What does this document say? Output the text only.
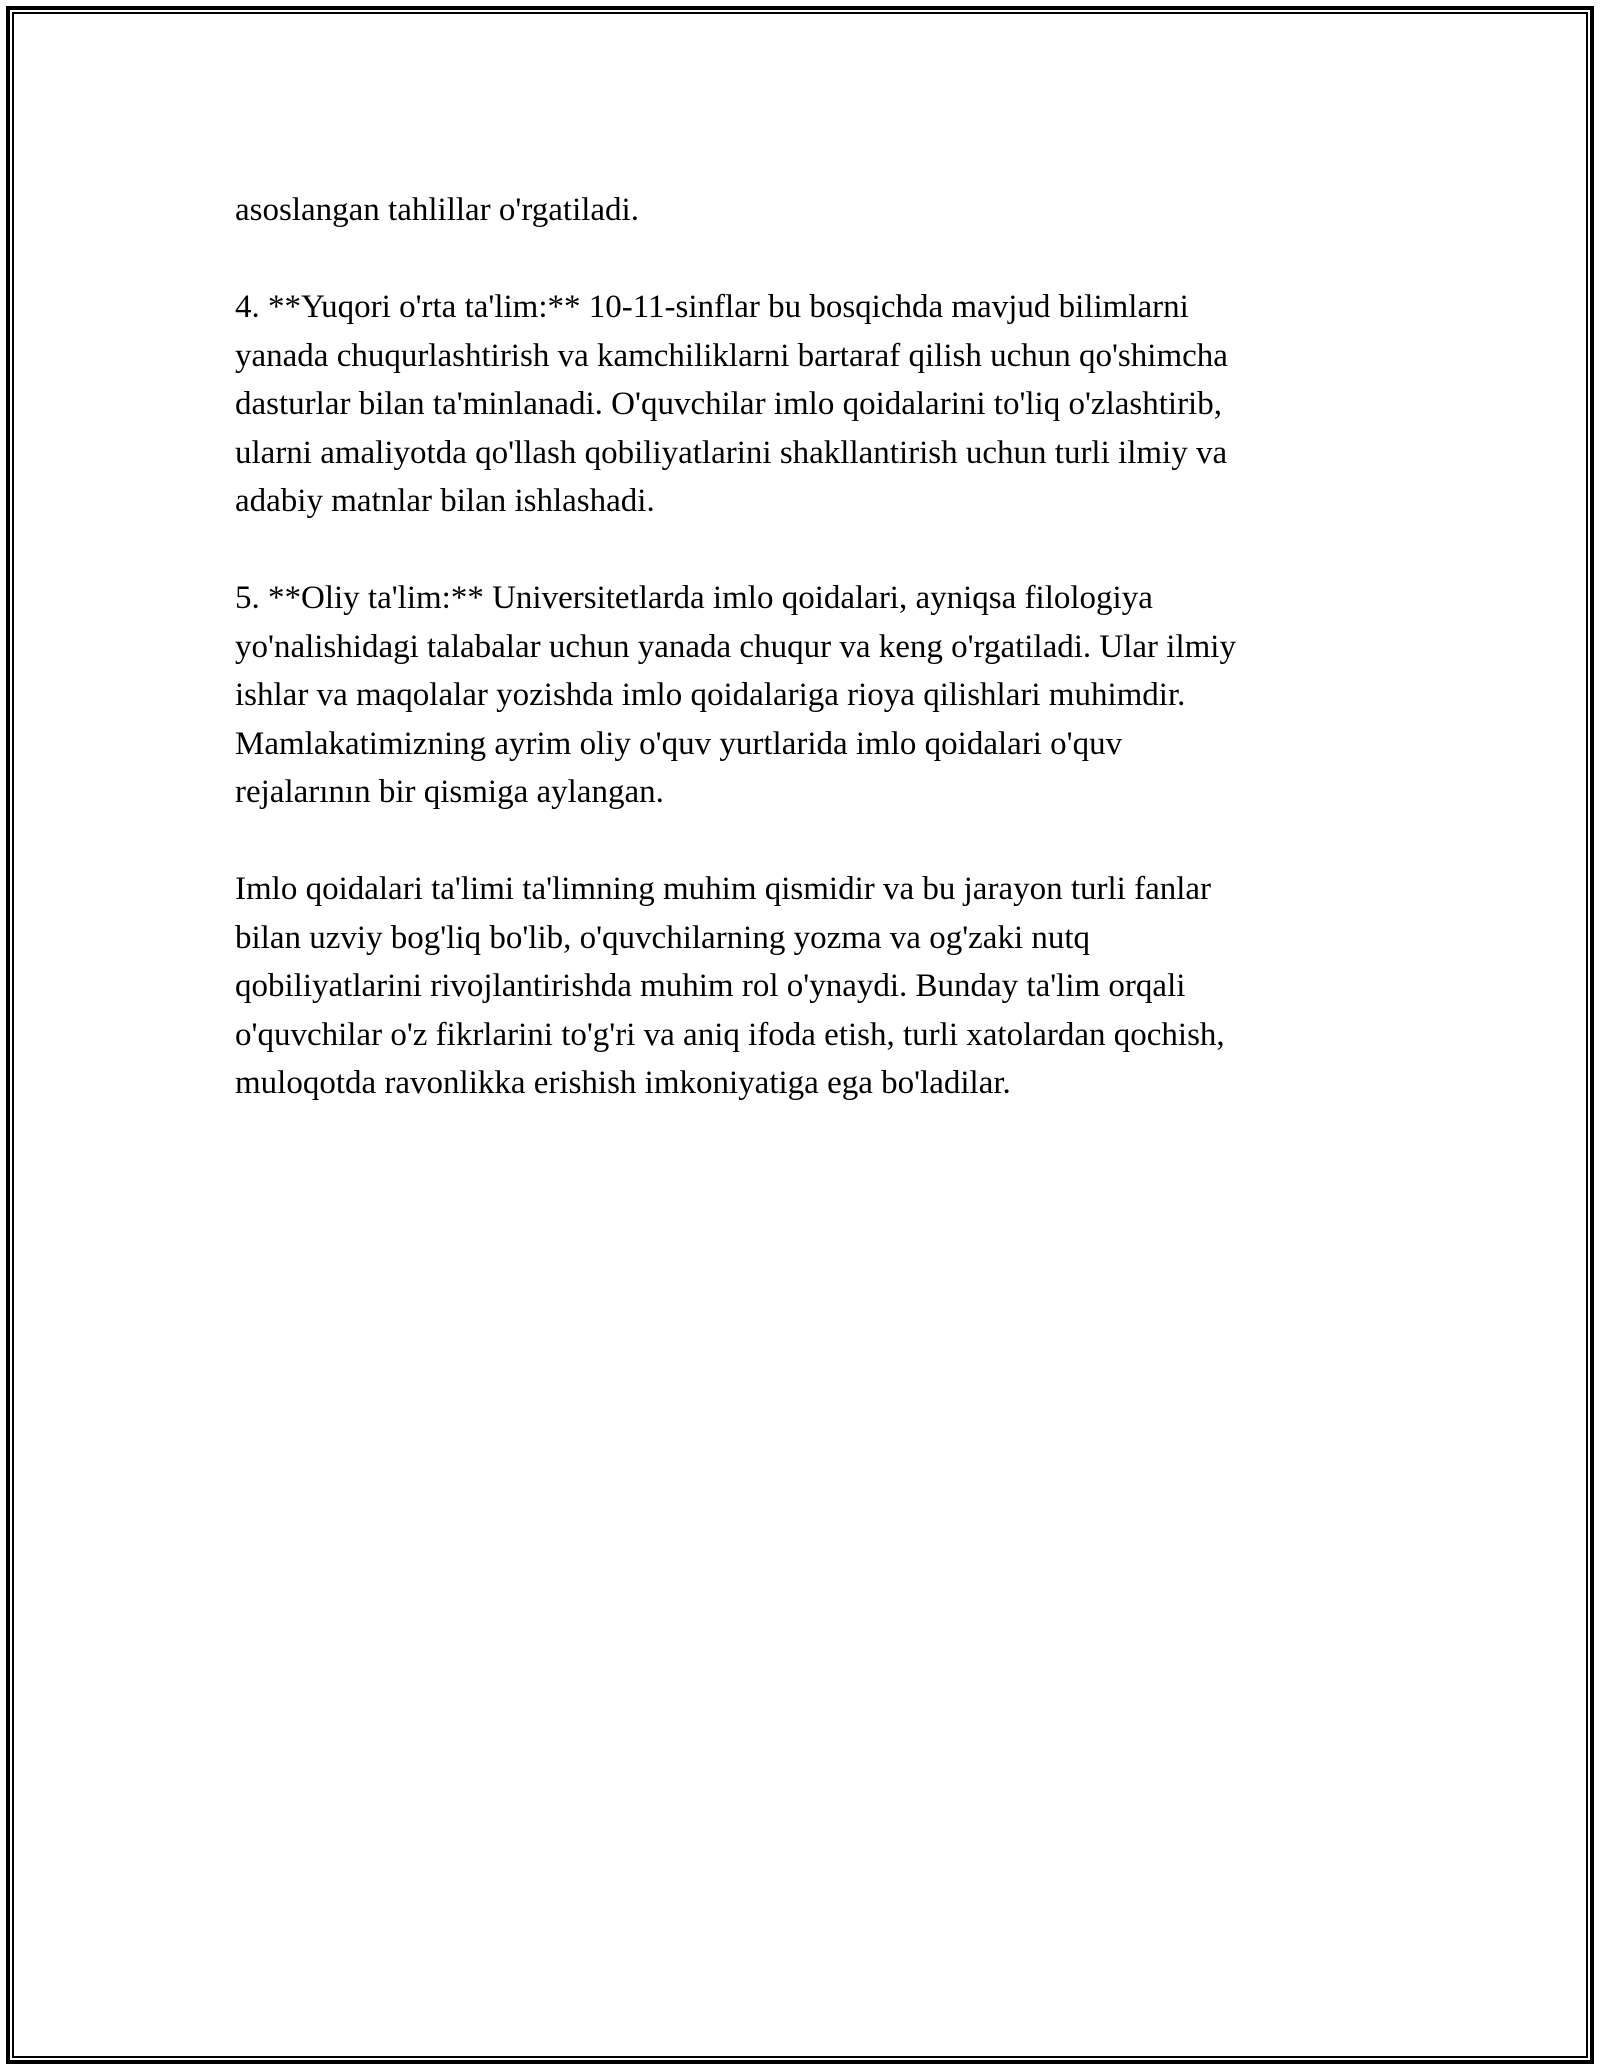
asoslangan tahlillar o'rgatiladi.

4. **Yuqori o'rta ta'lim:** 10-11-sinflar bu bosqichda mavjud bilimlarni
yanada chuqurlashtirish va kamchiliklarni bartaraf qilish uchun qo'shimcha
dasturlar bilan ta'minlanadi. O'quvchilar imlo qoidalarini to'liq o'zlashtirib,
ularni amaliyotda qo'llash qobiliyatlarini shakllantirish uchun turli ilmiy va
adabiy matnlar bilan ishlashadi.

5. **Oliy ta'lim:** Universitetlarda imlo qoidalari, ayniqsa filologiya
yo'nalishidagi talabalar uchun yanada chuqur va keng o'rgatiladi. Ular ilmiy
ishlar va maqolalar yozishda imlo qoidalariga rioya qilishlari muhimdir.
Mamlakatimizning ayrim oliy o'quv yurtlarida imlo qoidalari o'quv
rejalarının bir qismiga aylangan.

Imlo qoidalari ta'limi ta'limning muhim qismidir va bu jarayon turli fanlar
bilan uzviy bog'liq bo'lib, o'quvchilarning yozma va og'zaki nutq
qobiliyatlarini rivojlantirishda muhim rol o'ynaydi. Bunday ta'lim orqali
o'quvchilar o'z fikrlarini to'g'ri va aniq ifoda etish, turli xatolardan qochish,
muloqotda ravonlikka erishish imkoniyatiga ega bo'ladilar.
